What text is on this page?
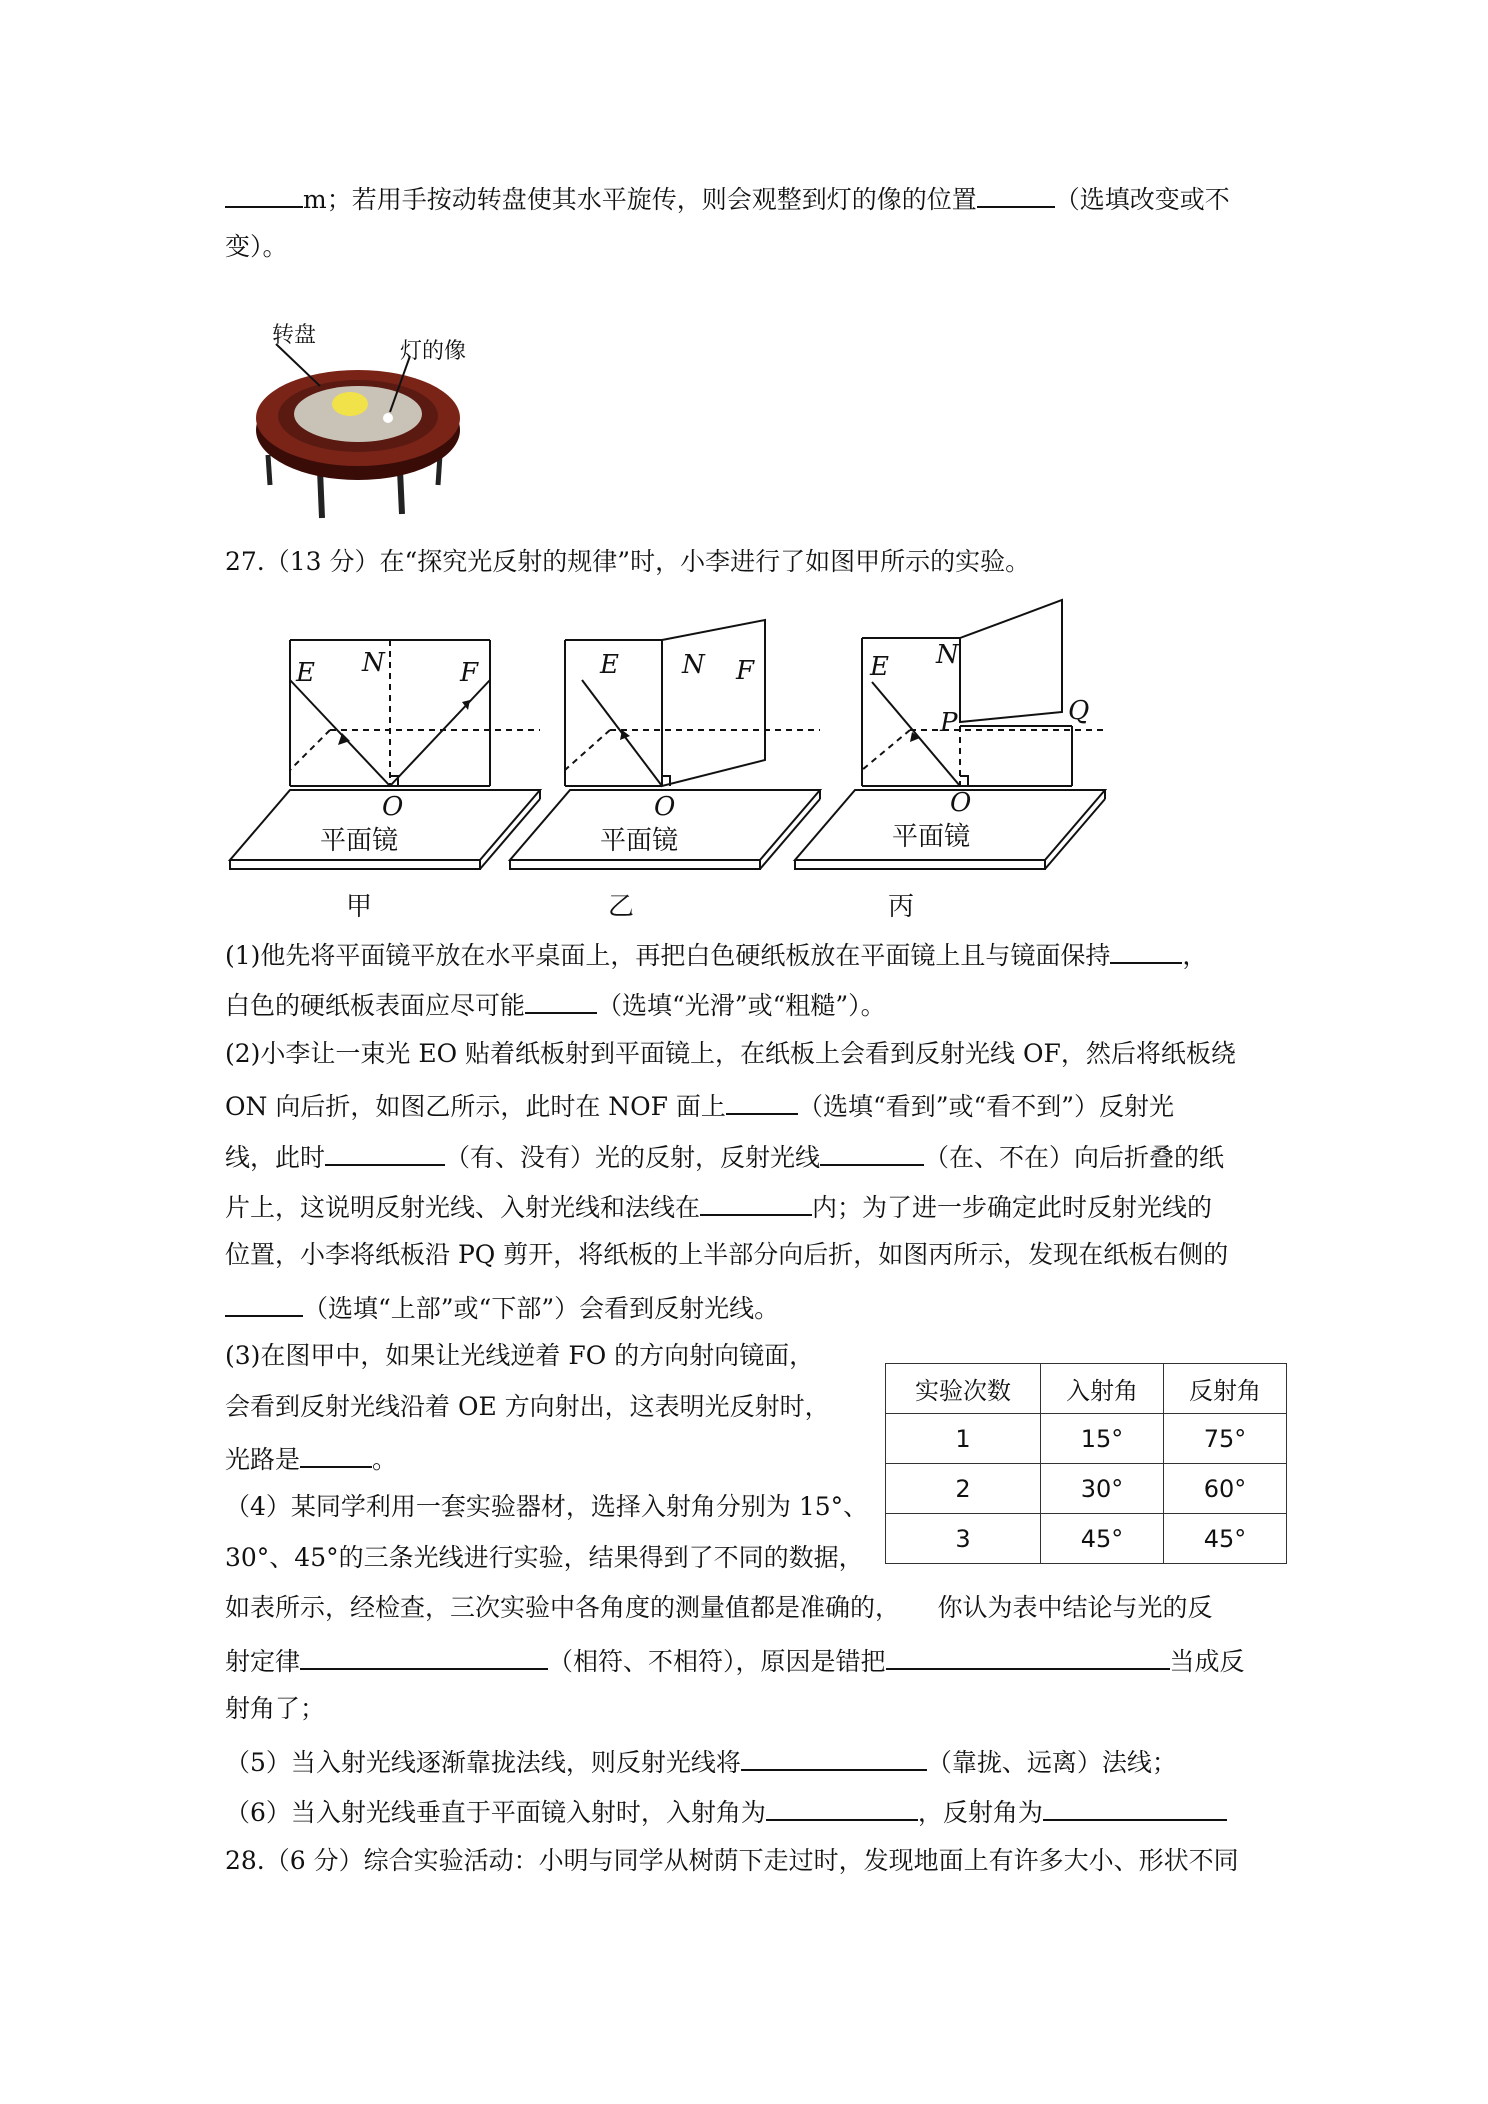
m；若用手按动转盘使其水平旋传，则会观整到灯的像的位置	（选填改变或不
变）。
转盘
灯的像
27.（13 分）在“探究光反射的规律”时，小李进行了如图甲所示的实验。
E N	F
O
平面镜
E N F
O
平面镜
E N
P	Q
O
平面镜
甲	乙	丙
(1)他先将平面镜平放在水平桌面上，再把白色硬纸板放在平面镜上且与镜面保持	，
白色的硬纸板表面应尽可能	（选填“光滑”或“粗糙”）。
(2)小李让一束光 EO 贴着纸板射到平面镜上，在纸板上会看到反射光线 OF，然后将纸板绕
ON 向后折，如图乙所示，此时在 NOF 面上	（选填“看到”或“看不到”）反射光
线，此时	（有、没有）光的反射，反射光线	（在、不在）向后折叠的纸
片上，这说明反射光线、入射光线和法线在	内；为了进一步确定此时反射光线的
位置，小李将纸板沿 PQ 剪开，将纸板的上半部分向后折，如图丙所示，发现在纸板右侧的
（选填“上部”或“下部”）会看到反射光线。
(3)在图甲中，如果让光线逆着 FO 的方向射向镜面，
会看到反射光线沿着 OE 方向射出，这表明光反射时，
光路是	。
（4）某同学利用一套实验器材，选择入射角分别为 15°、
30°、45°的三条光线进行实验，结果得到了不同的数据，
如表所示，经检查，三次实验中各角度的测量值都是准确的，　　你认为表中结论与光的反
射定律	（相符、不相符），原因是错把	当成反
射角了；
（5）当入射光线逐渐靠拢法线，则反射光线将	（靠拢、远离）法线；
（6）当入射光线垂直于平面镜入射时，入射角为	，反射角为
28.（6 分）综合实验活动：小明与同学从树荫下走过时，发现地面上有许多大小、形状不同
实验次数	入射角	反射角
1	15°	75°
2	30°	60°
3	45°	45°
